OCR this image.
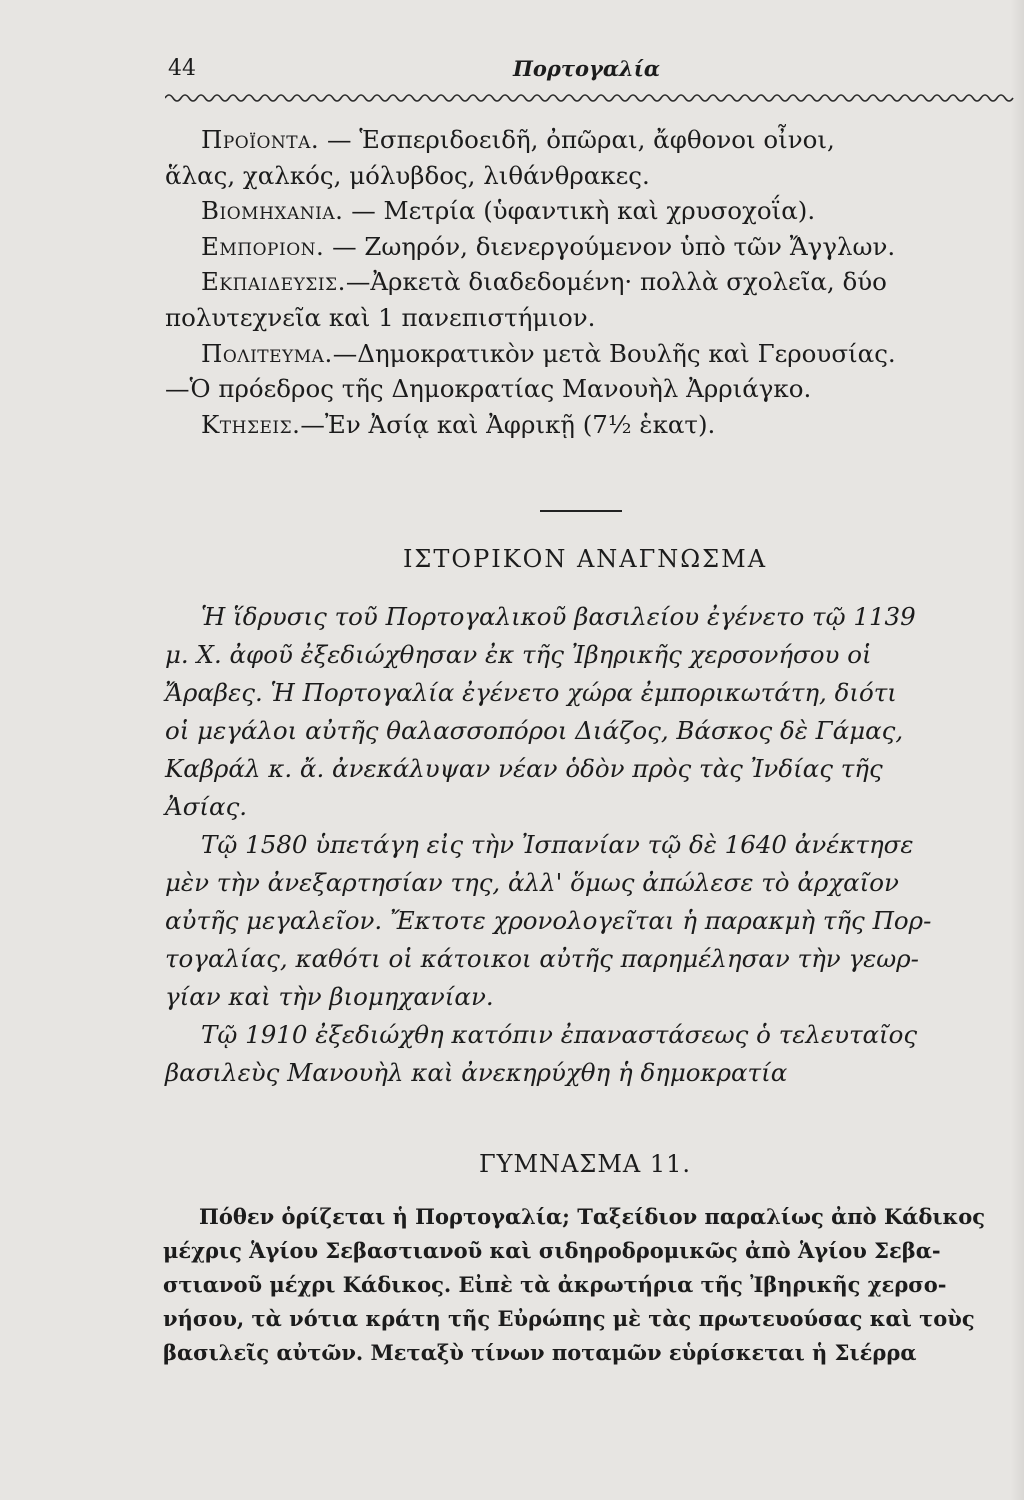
44	Πορτογαλία
Προϊοντα. — Ἑσπεριδοειδῆ, ὀπῶραι, ἄφθονοι οἶνοι,
ἅλας, χαλκός, μόλυβδος, λιθάνθρακες.
Βιομηχανια. — Μετρία (ὑφαντικὴ καὶ χρυσοχοΐα).
Εμποριον. — Ζωηρόν, διενεργούμενον ὑπὸ τῶν Ἄγγλων.
Εκπαιδευσις.—Ἀρκετὰ διαδεδομένη· πολλὰ σχολεῖα, δύο
πολυτεχνεῖα καὶ 1 πανεπιστήμιον.
Πολιτευμα.—Δημοκρατικὸν μετὰ Βουλῆς καὶ Γερουσίας.
—Ὁ πρόεδρος τῆς Δημοκρατίας Μανουὴλ Ἀρριάγκο.
Κτησεις.—Ἐν Ἀσίᾳ καὶ Ἀφρικῇ (7½ ἑκατ).
ΙΣΤΟΡΙΚΟΝ ΑΝΑΓΝΩΣΜΑ
Ἡ ἵδρυσις τοῦ Πορτογαλικοῦ βασιλείου ἐγένετο τῷ 1139
μ. Χ. ἀφοῦ ἐξεδιώχθησαν ἐκ τῆς Ἰβηρικῆς χερσονήσου οἱ
Ἄραβες. Ἡ Πορτογαλία ἐγένετο χώρα ἐμπορικωτάτη, διότι
οἱ μεγάλοι αὐτῆς θαλασσοπόροι Διάζος, Βάσκος δὲ Γάμας,
Καβράλ κ. ἄ. ἀνεκάλυψαν νέαν ὁδὸν πρὸς τὰς Ἰνδίας τῆς
Ἀσίας.
Τῷ 1580 ὑπετάγη εἰς τὴν Ἰσπανίαν τῷ δὲ 1640 ἀνέκτησε
μὲν τὴν ἀνεξαρτησίαν της, ἀλλ' ὅμως ἀπώλεσε τὸ ἀρχαῖον
αὐτῆς μεγαλεῖον. Ἔκτοτε χρονολογεῖται ἡ παρακμὴ τῆς Πορ-
τογαλίας, καθότι οἱ κάτοικοι αὐτῆς παρημέλησαν τὴν γεωρ-
γίαν καὶ τὴν βιομηχανίαν.
Τῷ 1910 ἐξεδιώχθη κατόπιν ἐπαναστάσεως ὁ τελευταῖος
βασιλεὺς Μανουὴλ καὶ ἀνεκηρύχθη ἡ δημοκρατία
ΓΥΜΝΑΣΜΑ 11.
Πόθεν ὁρίζεται ἡ Πορτογαλία; Ταξείδιον παραλίως ἀπὸ Κάδικος
μέχρις Ἁγίου Σεβαστιανοῦ καὶ σιδηροδρομικῶς ἀπὸ Ἁγίου Σεβα-
στιανοῦ μέχρι Κάδικος. Εἰπὲ τὰ ἀκρωτήρια τῆς Ἰβηρικῆς χερσο-
νήσου, τὰ νότια κράτη τῆς Εὐρώπης μὲ τὰς πρωτευούσας καὶ τοὺς
βασιλεῖς αὐτῶν. Μεταξὺ τίνων ποταμῶν εὑρίσκεται ἡ Σιέρρα
